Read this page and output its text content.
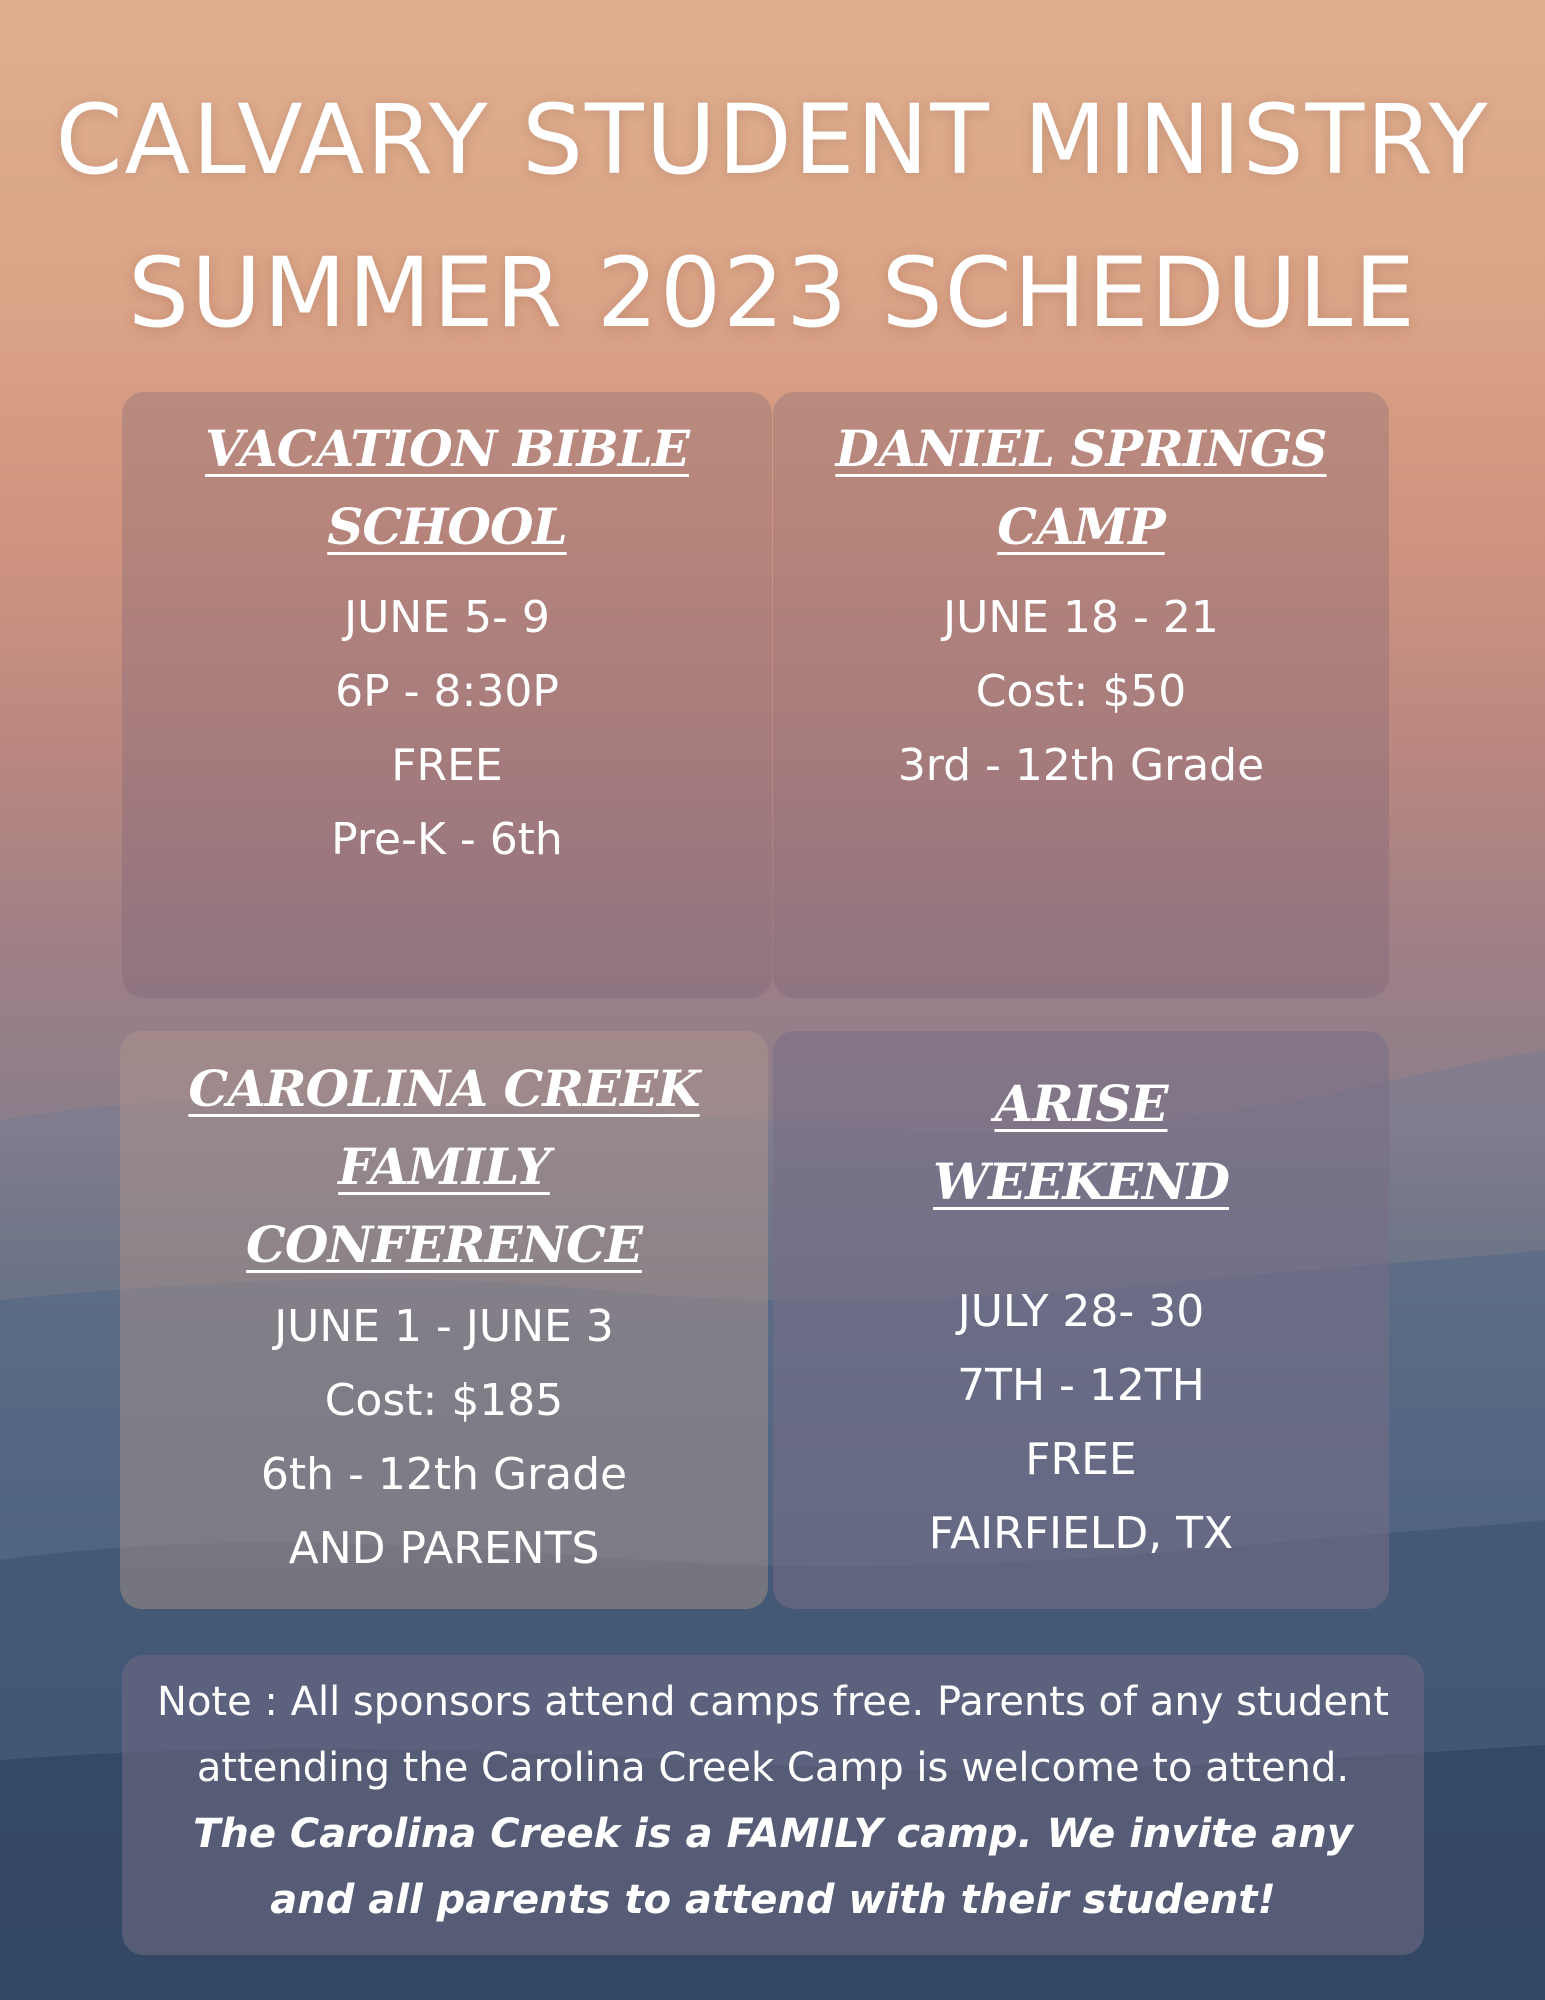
CALVARY STUDENT MINISTRY
SUMMER 2023 SCHEDULE
VACATION BIBLE
SCHOOL
JUNE 5- 9
6P - 8:30P
FREE
Pre-K - 6th
DANIEL SPRINGS
CAMP
JUNE 18 - 21
Cost: $50
3rd - 12th Grade
CAROLINA CREEK
FAMILY
CONFERENCE
JUNE 1 - JUNE 3
Cost: $185
6th - 12th Grade
AND PARENTS
ARISE
WEEKEND
JULY 28- 30
7TH - 12TH
FREE
FAIRFIELD, TX
Note : All sponsors attend camps free. Parents of any student attending the Carolina Creek Camp is welcome to attend. The Carolina Creek is a FAMILY camp. We invite any and all parents to attend with their student!
